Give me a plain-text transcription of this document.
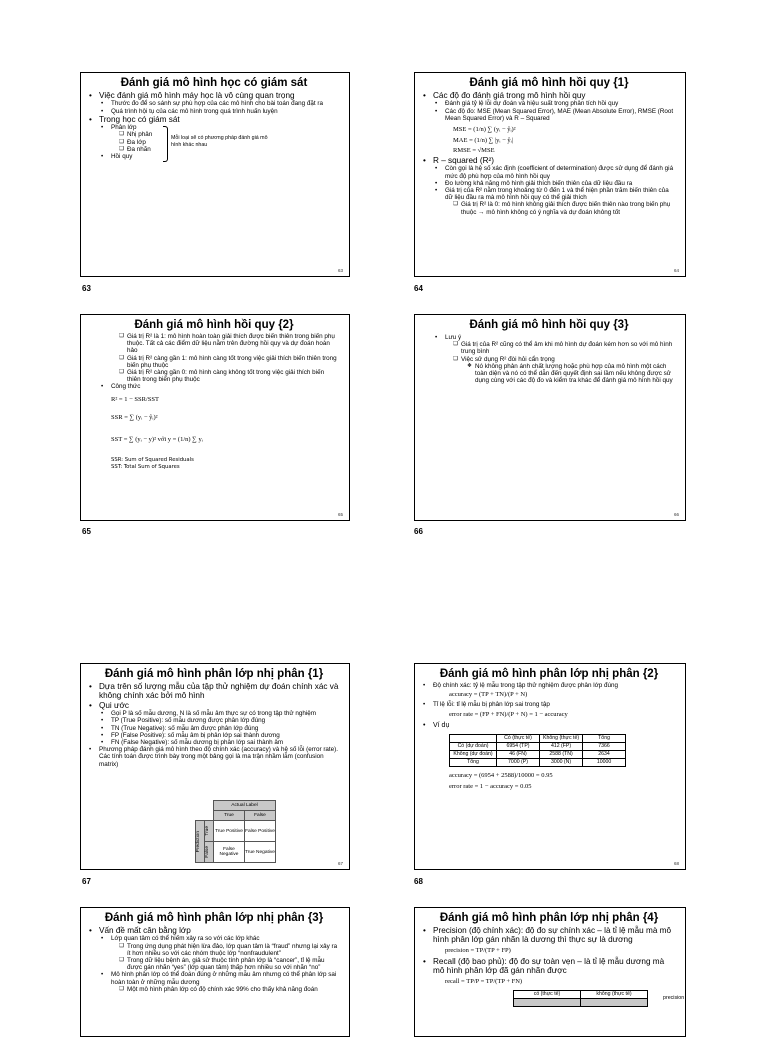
Đánh giá mô hình học có giám sát
• Việc đánh giá mô hình máy học là vô cùng quan trọng
• Thước đo để so sánh sự phù hợp của các mô hình cho bài toán đang đặt ra
• Quá trình hội tụ của các mô hình trong quá trình huấn luyện
• Trong học có giám sát
• Phân lớp
❑ Nhị phân
❑ Đa lớp
❑ Đa nhãn
• Hồi quy
Mỗi loại sẽ có phương pháp đánh giá mô hình khác nhau
63
63
Đánh giá mô hình hồi quy {1}
• Các độ đo đánh giá trong mô hình hồi quy
• Đánh giá tỷ lệ lỗi dự đoán và hiệu suất trong phân tích hồi quy
• Các độ đo: MSE (Mean Squared Error), MAE (Mean Absolute Error), RMSE (Root Mean Squared Error) và R – Squared
MSE = (1/n) ∑ (yᵢ − ŷᵢ)²
MAE = (1/n) ∑ |yᵢ − ŷᵢ|
RMSE = √MSE
• R – squared (R²)
• Còn gọi là hệ số xác định (coefficient of determination) được sử dụng để đánh giá mức độ phù hợp của mô hình hồi quy
• Đo lường khả năng mô hình giải thích biến thiên của dữ liệu đầu ra
• Giá trị của R² nằm trong khoảng từ 0 đến 1 và thể hiện phần trăm biến thiên của dữ liệu đầu ra mà mô hình hồi quy có thể giải thích
❑ Giá trị R² là 0: mô hình không giải thích được biến thiên nào trong biến phụ thuộc → mô hình không có ý nghĩa và dự đoán không tốt
64
64
Đánh giá mô hình hồi quy {2}
❑ Giá trị R² là 1: mô hình hoàn toàn giải thích được biến thiên trong biến phụ thuộc. Tất cả các điểm dữ liệu nằm trên đường hồi quy và dự đoán hoàn hảo
❑ Giá trị R² càng gần 1: mô hình càng tốt trong việc giải thích biến thiên trong biến phụ thuộc
❑ Giá trị R² càng gần 0: mô hình càng không tốt trong việc giải thích biến thiên trong biến phụ thuộc
• Công thức
R² = 1 − SSR/SST
SSR = ∑ (yᵢ − ŷᵢ)²
SST = ∑ (yᵢ − y)² với y = (1/n) ∑ yᵢ
SSR: Sum of Squared Residuals
SST: Total Sum of Squares
65
65
Đánh giá mô hình hồi quy {3}
• Lưu ý
❑ Giá trị của R² cũng có thể âm khi mô hình dự đoán kém hơn so với mô hình trung bình
❑ Việc sử dụng R² đòi hỏi cẩn trọng
❖ Nó không phản ánh chất lượng hoặc phù hợp của mô hình một cách toàn diện và nó có thể dẫn đến quyết định sai lầm nếu không được sử dụng cùng với các độ đo và kiểm tra khác để đánh giá mô hình hồi quy
66
66
Đánh giá mô hình phân lớp nhị phân {1}
• Dựa trên số lượng mẫu của tập thử nghiệm dự đoán chính xác và không chính xác bởi mô hình
• Qui ước
• Gọi P là số mẫu dương, N là số mẫu âm thực sự có trong tập thử nghiệm
• TP (True Positive): số mẫu dương được phân lớp đúng
• TN (True Negative): số mẫu âm được phân lớp đúng
• FP (False Positive): số mẫu âm bị phân lớp sai thành dương
• FN (False Negative): số mẫu dương bị phân lớp sai thành âm
• Phương pháp đánh giá mô hình theo độ chính xác (accuracy) và hệ số lỗi (error rate). Các tính toán được trình bày trong một bảng gọi là ma trận nhầm lẫm (confusion matrix)
		Actual Label	
		True	False

Prediction	True	True Positive	False Positive

	False	False Negative	True Negative
67
67
Đánh giá mô hình phân lớp nhị phân {2}
• Độ chính xác: tỷ lệ mẫu trong tập thử nghiệm được phân lớp đúng
accuracy = (TP + TN)/(P + N)
• Tỉ lệ lỗi: tỉ lệ mẫu bị phân lớp sai trong tập
error rate = (FP + FN)/(P + N) = 1 − accuracy
• Ví dụ
	Có (thực tế)	Không (thực tế)	Tổng
Có (dự đoán)	6954 (TP)	412 (FP)	7366
Không (dự đoán)	46 (FN)	2588 (TN)	2634
Tổng	7000 (P)	3000 (N)	10000
accuracy = (6954 + 2588)/10000 = 0.95
error rate = 1 − accuracy = 0.05
68
68
Đánh giá mô hình phân lớp nhị phân {3}
• Vấn đề mất cân bằng lớp
• Lớp quan tâm có thể hiếm xảy ra so với các lớp khác
❑ Trong ứng dụng phát hiện lừa đảo, lớp quan tâm là “fraud” nhưng lại xảy ra ít hơn nhiều so với các nhóm thuộc lớp “nonfraudulent”
❑ Trong dữ liệu bệnh án, giả sử thuộc tính phân lớp là “cancer”, tỉ lệ mẫu được gán nhãn “yes” (lớp quan tâm) thấp hơn nhiều so với nhãn “no”
• Mô hình phân lớp có thể đoán đúng ở những mẫu âm nhưng có thể phân lớp sai hoàn toàn ở những mẫu dương
❑ Một mô hình phân lớp có độ chính xác 99% cho thấy khả năng đoán
Đánh giá mô hình phân lớp nhị phân {4}
• Precision (độ chính xác): độ đo sự chính xác – là tỉ lệ mẫu mà mô hình phân lớp gán nhãn là dương thì thực sự là dương
precision = TP/(TP + FP)
• Recall (độ bao phủ): độ đo sự toàn vẹn – là tỉ lệ mẫu dương mà mô hình phân lớp đã gán nhãn được
recall = TP/P = TP/(TP + FN)
có (thực tế)	không (thực tế)

precision
